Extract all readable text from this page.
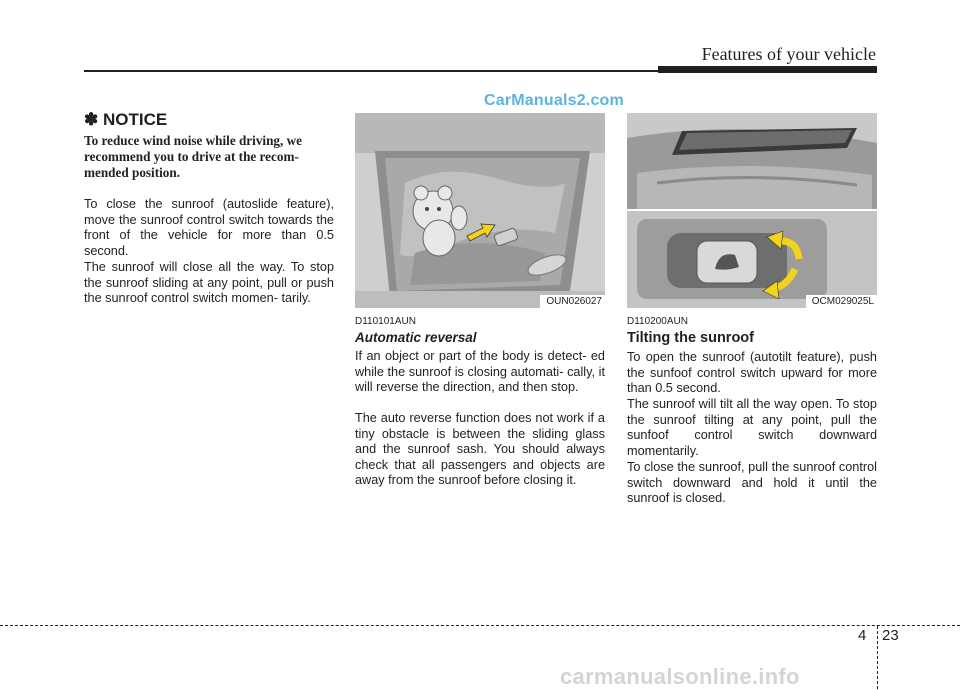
Features of your vehicle
CarManuals2.com
✽ NOTICE
To reduce wind noise while driving, we recommend you to drive at the recom- mended position.

To close the sunroof (autoslide feature), move the sunroof control switch towards the front of the vehicle for more than 0.5 second.

The sunroof will close all the way. To stop the sunroof sliding at any point, pull or push the sunroof control switch momen- tarily.	OUN026027
D110101AUN
Automatic reversal

If an object or part of the body is detect- ed while the sunroof is closing automati- cally, it will reverse the direction, and then stop.

The auto reverse function does not work if a tiny obstacle is between the sliding glass and the sunroof sash. You should always check that all passengers and objects are away from the sunroof before closing it.

OCM029025L
D110200AUN
Tilting the sunroof

To open the sunroof (autotilt feature), push the sunfoof control switch upward for more than 0.5 second.

The sunroof will tilt all the way open. To stop the sunroof tilting at any point, pull the sunfoof control switch downward momentarily.

To close the sunroof, pull the sunroof control switch downward and hold it until the sunroof is closed.

4 23
carmanualsonline.info
